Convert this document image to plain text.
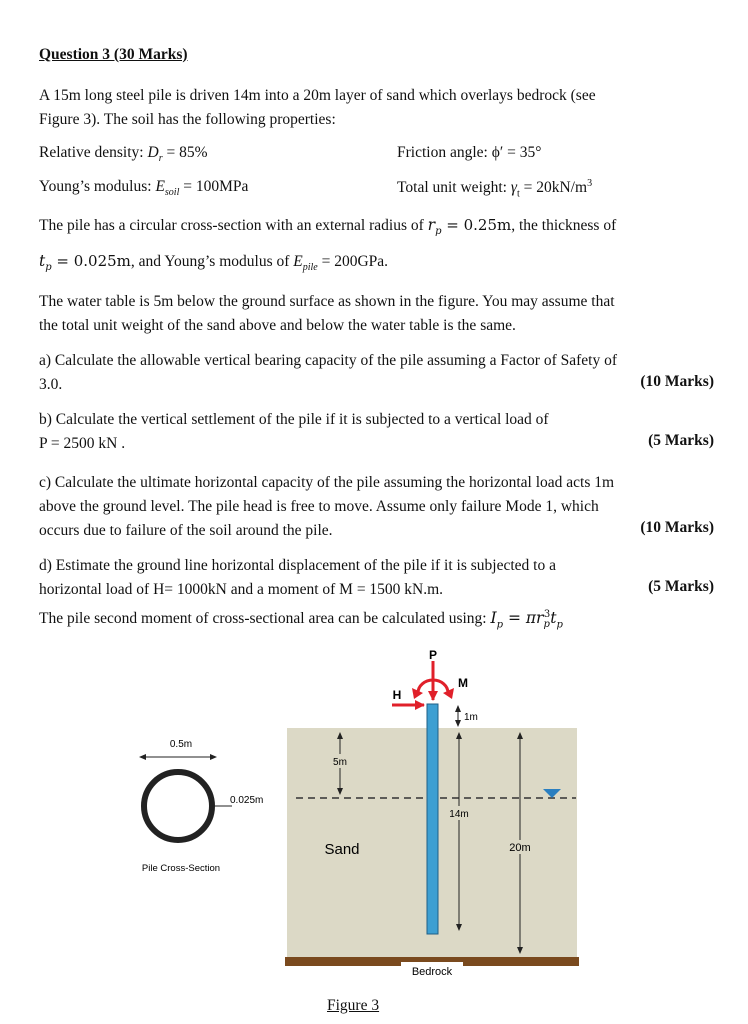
Question 3 (30 Marks)
A 15m long steel pile is driven 14m into a 20m layer of sand which overlays bedrock (see
Figure 3). The soil has the following properties:
Relative density: $D_r = 85\%$	Friction angle: ϕ′ = 35°
Young’s modulus: $E_{soil} = 100MPa$	Total unit weight: $\gamma_t = 20kN/m^3$
The pile has a circular cross-section with an external radius of $r_p = 0.25m$, the thickness of
$t_p = 0.025m$, and Young’s modulus of $E_{pile} = 200GPa$.
The water table is 5m below the ground surface as shown in the figure. You may assume that
the total unit weight of the sand above and below the water table is the same.
a) Calculate the allowable vertical bearing capacity of the pile assuming a Factor of Safety of
3.0.	(10 Marks)
b) Calculate the vertical settlement of the pile if it is subjected to a vertical load of
P = 2500 kN .	(5 Marks)
c) Calculate the ultimate horizontal capacity of the pile assuming the horizontal load acts 1m
above the ground level. The pile head is free to move. Assume only failure Mode 1, which
occurs due to failure of the soil around the pile.	(10 Marks)
d) Estimate the ground line horizontal displacement of the pile if it is subjected to a
horizontal load of H= 1000kN and a moment of M = 1500 kN.m.	(5 Marks)
The pile second moment of cross-sectional area can be calculated using: $I_p = \pi r_p^3t_p$
P
H
M
1m
5m
14m
20m
Sand
Bedrock
0.5m
0.025m
Pile Cross-Section
Figure 3
